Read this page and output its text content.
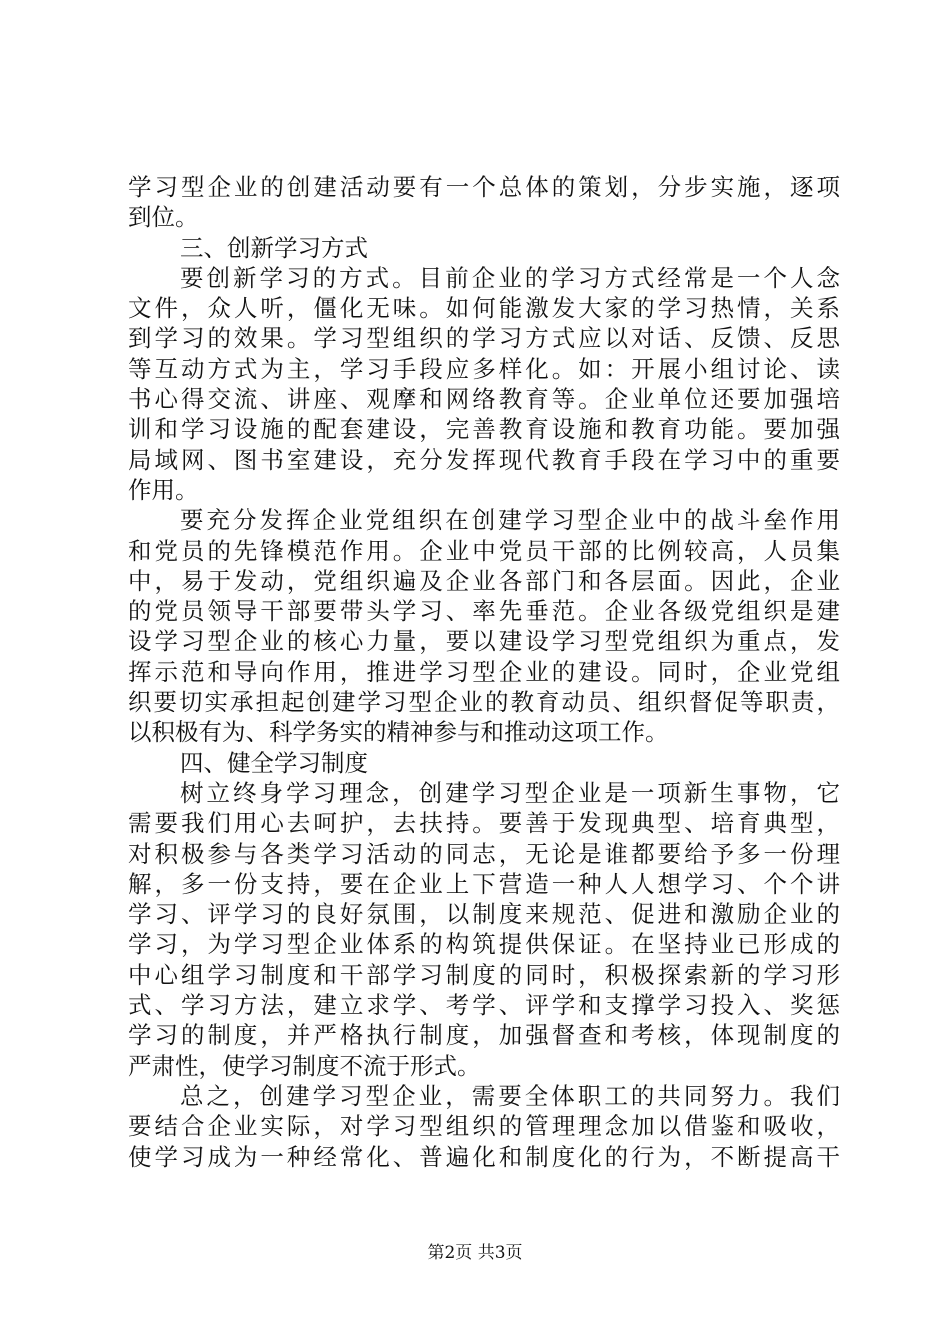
学习型企业的创建活动要有一个总体的策划，分步实施，逐项
到位。
三、创新学习方式
要创新学习的方式。目前企业的学习方式经常是一个人念
文件，众人听，僵化无味。如何能激发大家的学习热情，关系
到学习的效果。学习型组织的学习方式应以对话、反馈、反思
等互动方式为主，学习手段应多样化。如：开展小组讨论、读
书心得交流、讲座、观摩和网络教育等。企业单位还要加强培
训和学习设施的配套建设，完善教育设施和教育功能。要加强
局域网、图书室建设，充分发挥现代教育手段在学习中的重要
作用。
要充分发挥企业党组织在创建学习型企业中的战斗垒作用
和党员的先锋模范作用。企业中党员干部的比例较高，人员集
中，易于发动，党组织遍及企业各部门和各层面。因此，企业
的党员领导干部要带头学习、率先垂范。企业各级党组织是建
设学习型企业的核心力量，要以建设学习型党组织为重点，发
挥示范和导向作用，推进学习型企业的建设。同时，企业党组
织要切实承担起创建学习型企业的教育动员、组织督促等职责，
以积极有为、科学务实的精神参与和推动这项工作。
四、健全学习制度
树立终身学习理念，创建学习型企业是一项新生事物，它
需要我们用心去呵护，去扶持。要善于发现典型、培育典型，
对积极参与各类学习活动的同志，无论是谁都要给予多一份理
解，多一份支持，要在企业上下营造一种人人想学习、个个讲
学习、评学习的良好氛围，以制度来规范、促进和激励企业的
学习，为学习型企业体系的构筑提供保证。在坚持业已形成的
中心组学习制度和干部学习制度的同时，积极探索新的学习形
式、学习方法，建立求学、考学、评学和支撑学习投入、奖惩
学习的制度，并严格执行制度，加强督查和考核，体现制度的
严肃性，使学习制度不流于形式。
总之，创建学习型企业，需要全体职工的共同努力。我们
要结合企业实际，对学习型组织的管理理念加以借鉴和吸收，
使学习成为一种经常化、普遍化和制度化的行为，不断提高干
第2页 共3页
